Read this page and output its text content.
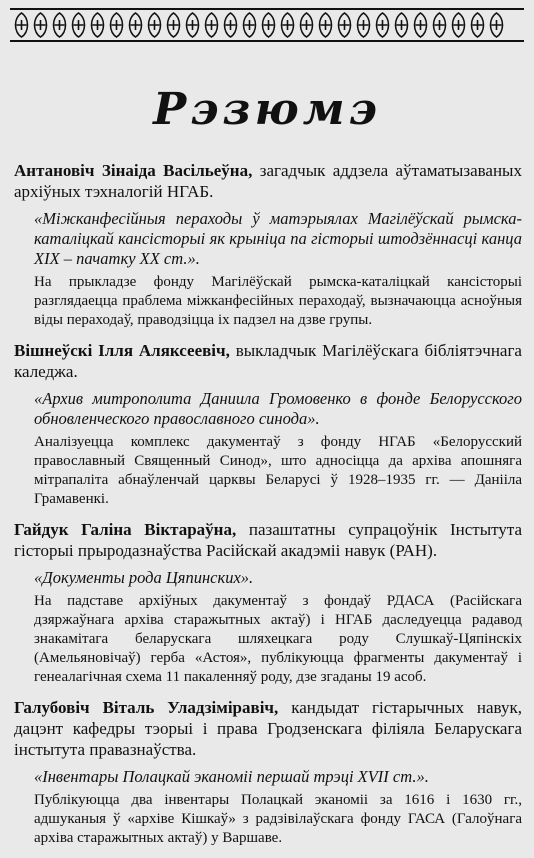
Рэзюмэ

Антановіч Зінаіда Васільеўна, загадчык аддзела аўтаматызаваных архіўных тэхналогій НГАБ.

«Міжканфесійныя пераходы ў матэрыялах Магілёўскай рымска-каталіцкай кансісторыі як крыніца па гісторыі штодзённасці канца XIX – пачатку XX ст.».

На прыкладзе фонду Магілёўскай рымска-каталіцкай кансісторыі разглядаецца праблема міжканфесійных пераходаў, вызначаюцца асноўныя віды пераходаў, праводзіцца іх падзел на дзве групы.

Вішнеўскі Ілля Аляксеевіч, выкладчык Магілёўскага бібліятэчнага каледжа.

«Архив митрополита Даниила Громовенко в фонде Белорусского обновленческого православного синода».

Аналізуецца комплекс дакументаў з фонду НГАБ «Белорусский православный Священный Синод», што адносіцца да архіва апошняга мітрапаліта абнаўленчай царквы Беларусі ў 1928–1935 гг. — Данііла Грамавенкі.

Гайдук Галіна Віктараўна, пазаштатны супрацоўнік Інстытута гісторыі прыродазнаўства Расійскай акадэміі навук (РАН).

«Документы рода Цяпинских».

На падставе архіўных дакументаў з фондаў РДАСА (Расійскага дзяржаўнага архіва старажытных актаў) і НГАБ даследуецца радавод знакамітага беларускага шляхецкага роду Слушкаў-Цяпінскіх (Амельяновічаў) герба «Астоя», публікуюцца фрагменты дакументаў і генеалагічная схема 11 пакаленняў роду, дзе згаданы 19 асоб.

Галубовіч Віталь Уладзіміравіч, кандыдат гістарычных навук, дацэнт кафедры тэорыі і права Гродзенскага філіяла Беларускага інстытута правазнаўства.

«Інвентары Полацкай эканоміі першай трэці XVII ст.».

Публікуюцца два інвентары Полацкай эканоміі за 1616 і 1630 гг., адшуканыя ў «архіве Кішкаў» з радзівілаўскага фонду ГАСА (Галоўнага архіва старажытных актаў) у Варшаве.
